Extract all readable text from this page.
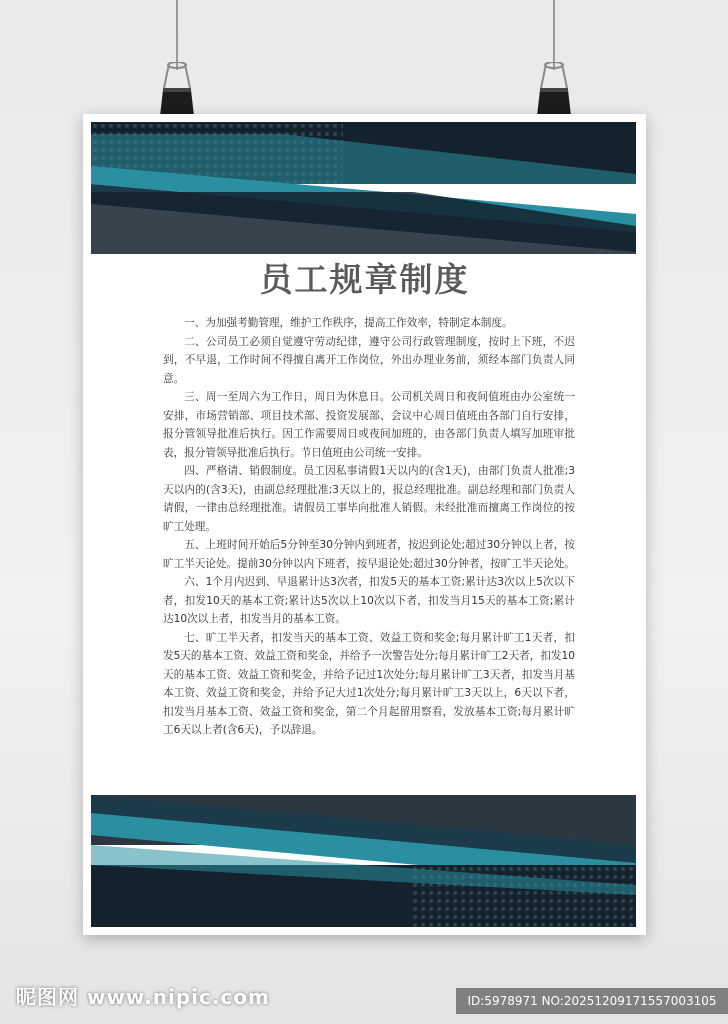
员工规章制度

一、为加强考勤管理，维护工作秩序，提高工作效率，特制定本制度。

二、公司员工必须自觉遵守劳动纪律，遵守公司行政管理制度，按时上下班，不迟到，不早退，工作时间不得擅自离开工作岗位，外出办理业务前，须经本部门负责人同意。

三、周一至周六为工作日，周日为休息日。公司机关周日和夜间值班由办公室统一安排，市场营销部、项目技术部、投资发展部、会议中心周日值班由各部门自行安排，报分管领导批准后执行。因工作需要周日或夜间加班的，由各部门负责人填写加班审批表，报分管领导批准后执行。节日值班由公司统一安排。

四、严格请、销假制度。员工因私事请假1天以内的(含1天)，由部门负责人批准;3天以内的(含3天)，由副总经理批准;3天以上的，报总经理批准。副总经理和部门负责人请假，一律由总经理批准。请假员工事毕向批准人销假。未经批准而擅离工作岗位的按旷工处理。

五、上班时间开始后5分钟至30分钟内到班者，按迟到论处;超过30分钟以上者，按旷工半天论处。提前30分钟以内下班者，按早退论处;超过30分钟者，按旷工半天论处。

六、1个月内迟到、早退累计达3次者，扣发5天的基本工资;累计达3次以上5次以下者，扣发10天的基本工资;累计达5次以上10次以下者，扣发当月15天的基本工资;累计达10次以上者，扣发当月的基本工资。

七、旷工半天者，扣发当天的基本工资、效益工资和奖金;每月累计旷工1天者，扣发5天的基本工资、效益工资和奖金，并给予一次警告处分;每月累计旷工2天者，扣发10天的基本工资、效益工资和奖金，并给予记过1次处分;每月累计旷工3天者，扣发当月基本工资、效益工资和奖金，并给予记大过1次处分;每月累计旷工3天以上，6天以下者，扣发当月基本工资、效益工资和奖金，第二个月起留用察看，发放基本工资;每月累计旷工6天以上者(含6天)，予以辞退。

昵图网 www.nipic.com	ID:5978971 NO:20251209171557003105
